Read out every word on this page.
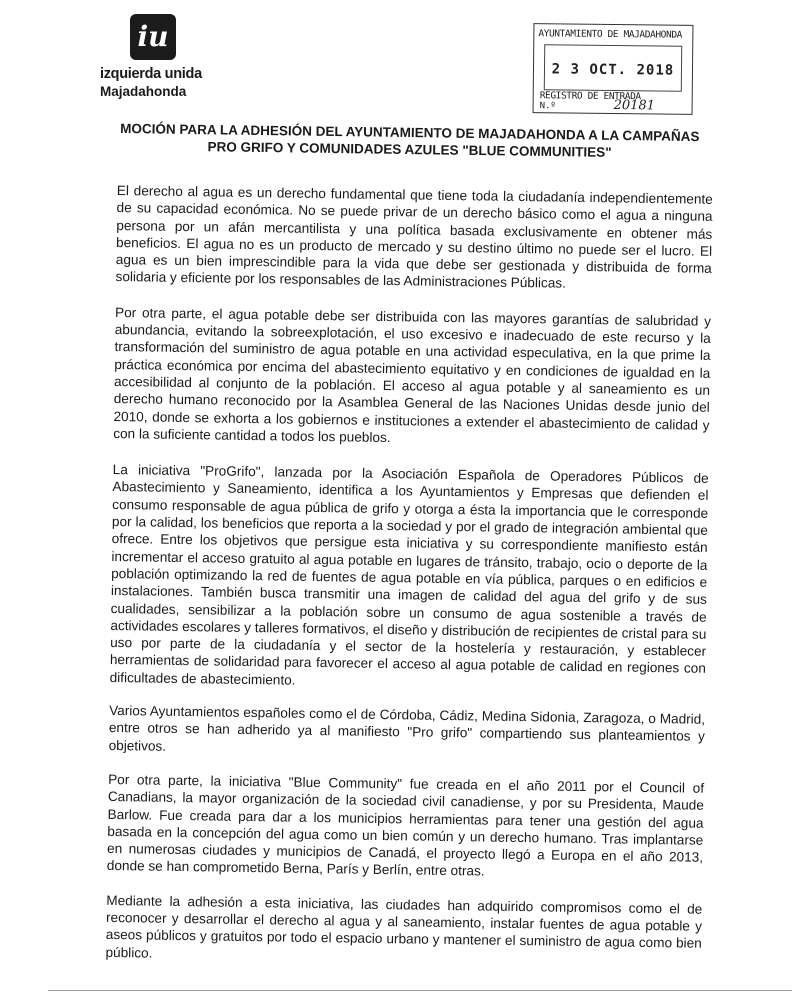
iu
izquierda unida
Majadahonda
AYUNTAMIENTO DE MAJADAHONDA
2 3 OCT. 2018
REGISTRO DE ENTRADA
N.º	20181
MOCIÓN PARA LA ADHESIÓN DEL AYUNTAMIENTO DE MAJADAHONDA A LA CAMPAÑAS PRO GRIFO Y COMUNIDADES AZULES "BLUE COMMUNITIES"

El derecho al agua es un derecho fundamental que tiene toda la ciudadanía independientemente de su capacidad económica. No se puede privar de un derecho básico como el agua a ninguna persona por un afán mercantilista y una política basada exclusivamente en obtener más beneficios. El agua no es un producto de mercado y su destino último no puede ser el lucro. El agua es un bien imprescindible para la vida que debe ser gestionada y distribuida de forma solidaria y eficiente por los responsables de las Administraciones Públicas.

Por otra parte, el agua potable debe ser distribuida con las mayores garantías de salubridad y abundancia, evitando la sobreexplotación, el uso excesivo e inadecuado de este recurso y la transformación del suministro de agua potable en una actividad especulativa, en la que prime la práctica económica por encima del abastecimiento equitativo y en condiciones de igualdad en la accesibilidad al conjunto de la población. El acceso al agua potable y al saneamiento es un derecho humano reconocido por la Asamblea General de las Naciones Unidas desde junio del 2010, donde se exhorta a los gobiernos e instituciones a extender el abastecimiento de calidad y con la suficiente cantidad a todos los pueblos.

La iniciativa "ProGrifo", lanzada por la Asociación Española de Operadores Públicos de Abastecimiento y Saneamiento, identifica a los Ayuntamientos y Empresas que defienden el consumo responsable de agua pública de grifo y otorga a ésta la importancia que le corresponde por la calidad, los beneficios que reporta a la sociedad y por el grado de integración ambiental que ofrece. Entre los objetivos que persigue esta iniciativa y su correspondiente manifiesto están incrementar el acceso gratuito al agua potable en lugares de tránsito, trabajo, ocio o deporte de la población optimizando la red de fuentes de agua potable en vía pública, parques o en edificios e instalaciones. También busca transmitir una imagen de calidad del agua del grifo y de sus cualidades, sensibilizar a la población sobre un consumo de agua sostenible a través de actividades escolares y talleres formativos, el diseño y distribución de recipientes de cristal para su uso por parte de la ciudadanía y el sector de la hostelería y restauración, y establecer herramientas de solidaridad para favorecer el acceso al agua potable de calidad en regiones con dificultades de abastecimiento.

Varios Ayuntamientos españoles como el de Córdoba, Cádiz, Medina Sidonia, Zaragoza, o Madrid, entre otros se han adherido ya al manifiesto "Pro grifo" compartiendo sus planteamientos y objetivos.

Por otra parte, la iniciativa "Blue Community" fue creada en el año 2011 por el Council of Canadians, la mayor organización de la sociedad civil canadiense, y por su Presidenta, Maude Barlow. Fue creada para dar a los municipios herramientas para tener una gestión del agua basada en la concepción del agua como un bien común y un derecho humano. Tras implantarse en numerosas ciudades y municipios de Canadá, el proyecto llegó a Europa en el año 2013, donde se han comprometido Berna, París y Berlín, entre otras.

Mediante la adhesión a esta iniciativa, las ciudades han adquirido compromisos como el de reconocer y desarrollar el derecho al agua y al saneamiento, instalar fuentes de agua potable y aseos públicos y gratuitos por todo el espacio urbano y mantener el suministro de agua como bien público.
